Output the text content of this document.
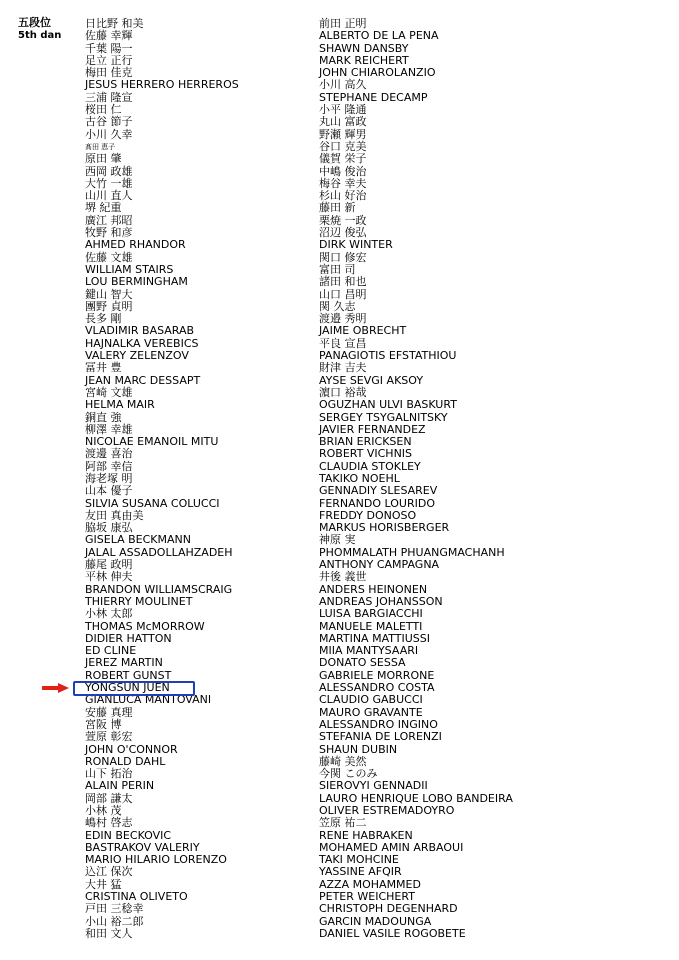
五段位
5th dan
日比野 和美
佐藤 幸輝
千葉 陽一
足立 正行
梅田 佳克
JESUS HERRERO HERREROS
三浦 隆宣
桜田 仁
古谷 節子
小川 久幸
髙田 恵子
原田 肇
西岡 政雄
大竹 一雄
山川 直人
堺 紀重
廣江 邦昭
牧野 和彦
AHMED RHANDOR
佐藤 文雄
WILLIAM STAIRS
LOU BERMINGHAM
鍵山 智大
團野 貞明
長多 剛
VLADIMIR BASARAB
HAJNALKA VEREBICS
VALERY ZELENZOV
冨井 豊
JEAN MARC DESSAPT
宮崎 文雄
HELMA MAIR
銅直 強
柳澤 幸雄
NICOLAE EMANOIL MITU
渡邊 喜治
阿部 幸信
海老塚 明
山本 優子
SILVIA SUSANA COLUCCI
友田 真由美
脇坂 康弘
GISELA BECKMANN
JALAL ASSADOLLAHZADEH
藤尾 政明
平林 伸夫
BRANDON WILLIAMSCRAIG
THIERRY MOULINET
小林 太郎
THOMAS McMORROW
DIDIER HATTON
ED CLINE
JEREZ MARTIN
ROBERT GUNST
YONGSUN JUEN
GIANLUCA MANTOVANI
安藤 真理
宮阪 博
萱原 彰宏
JOHN O'CONNOR
RONALD DAHL
山下 拓治
ALAIN PERIN
岡部 謙太
小林 茂
嶋村 啓志
EDIN BECKOVIC
BASTRAKOV VALERIY
MARIO HILARIO LORENZO
込江 保次
大井 猛
CRISTINA OLIVETO
戸田 三稔幸
小山 裕二郎
和田 文人
前田 正明
ALBERTO DE LA PENA
SHAWN DANSBY
MARK REICHERT
JOHN CHIAROLANZIO
小川 高久
STEPHANE DECAMP
小平 隆通
丸山 富政
野瀬 輝男
谷口 克美
儀賀 栄子
中嶋 俊治
梅谷 幸夫
杉山 好治
藤田 新
栗焼 一政
沼辺 俊弘
DIRK WINTER
関口 修宏
富田 司
諸田 和也
山口 昌明
関 久志
渡邉 秀明
JAIME OBRECHT
平良 宣昌
PANAGIOTIS EFSTATHIOU
財津 吉夫
AYSE SEVGI AKSOY
濵口 裕哉
OGUZHAN ULVI BASKURT
SERGEY TSYGALNITSKY
JAVIER FERNANDEZ
BRIAN ERICKSEN
ROBERT VICHNIS
CLAUDIA STOKLEY
TAKIKO NOEHL
GENNADIY SLESAREV
FERNANDO LOURIDO
FREDDY DONOSO
MARKUS HORISBERGER
神原 実
PHOMMALATH PHUANGMACHANH
ANTHONY CAMPAGNA
井後 義世
ANDERS HEINONEN
ANDREAS JOHANSSON
LUISA BARGIACCHI
MANUELE MALETTI
MARTINA MATTIUSSI
MIIA MANTYSAARI
DONATO SESSA
GABRIELE MORRONE
ALESSANDRO COSTA
CLAUDIO GABUCCI
MAURO GRAVANTE
ALESSANDRO INGINO
STEFANIA DE LORENZI
SHAUN DUBIN
藤崎 美然
今関 このみ
SIEROVYI GENNADII
LAURO HENRIQUE LOBO BANDEIRA
OLIVER ESTREMADOYRO
笠原 祐二
RENE HABRAKEN
MOHAMED AMIN ARBAOUI
TAKI MOHCINE
YASSINE AFQIR
AZZA MOHAMMED
PETER WEICHERT
CHRISTOPH DEGENHARD
GARCIN MADOUNGA
DANIEL VASILE ROGOBETE
